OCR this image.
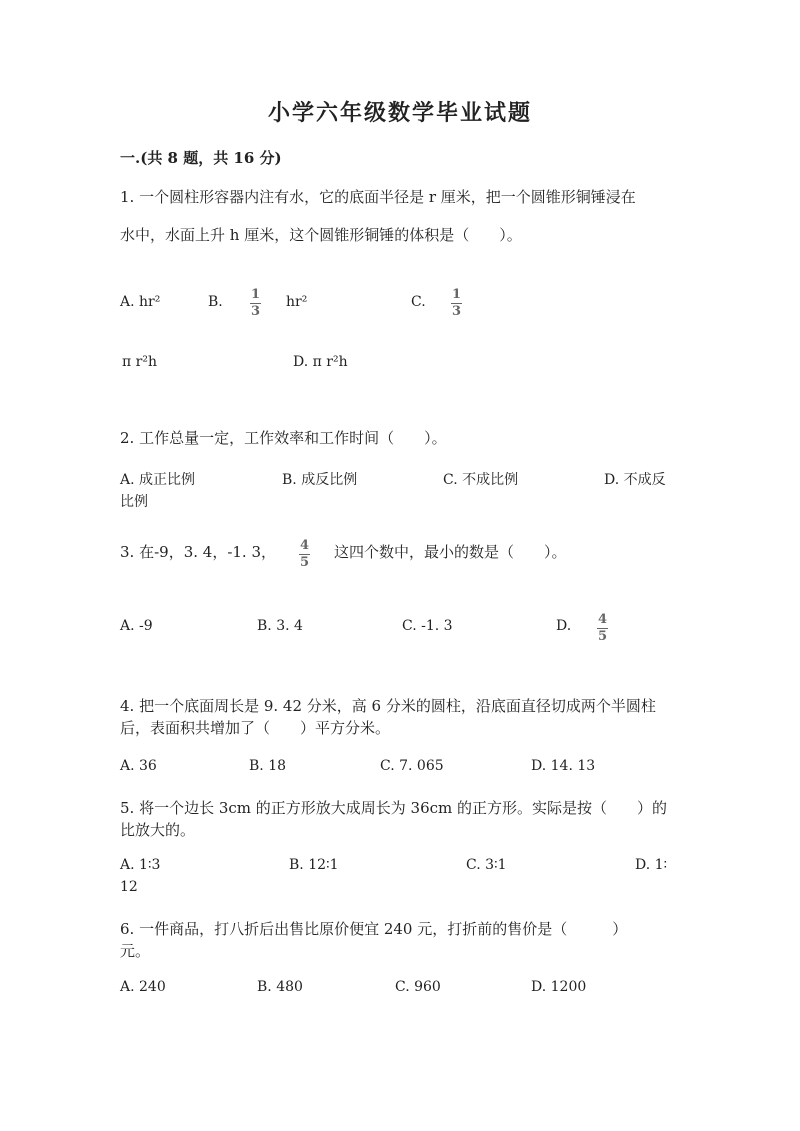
小学六年级数学毕业试题
一.(共 8 题，共 16 分)
1. 一个圆柱形容器内注有水，它的底面半径是 r 厘米，把一个圆锥形铜锤浸在
水中，水面上升 h 厘米，这个圆锥形铜锤的体积是（　　）。
A. hr²	B. 1
3
hr²	C. 1
3
π r²h	D. π r²h
2. 工作总量一定，工作效率和工作时间（　　）。
A. 成正比例	B. 成反比例	C. 不成比例	D. 不成反
比例
3. 在-9，3. 4，-1. 3， 4
5
这四个数中，最小的数是（　　）。
A. -9	B. 3. 4	C. -1. 3	D. 4
5
4. 把一个底面周长是 9. 42 分米，高 6 分米的圆柱，沿底面直径切成两个半圆柱
后，表面积共增加了（　　）平方分米。
A. 36	B. 18	C. 7. 065	D. 14. 13
5. 将一个边长 3cm 的正方形放大成周长为 36cm 的正方形。实际是按（　　）的
比放大的。
A. 1∶3	B. 12∶1	C. 3∶1	D. 1∶
12
6. 一件商品，打八折后出售比原价便宜 240 元，打折前的售价是（　　　）
元。
A. 240	B. 480	C. 960	D. 1200
